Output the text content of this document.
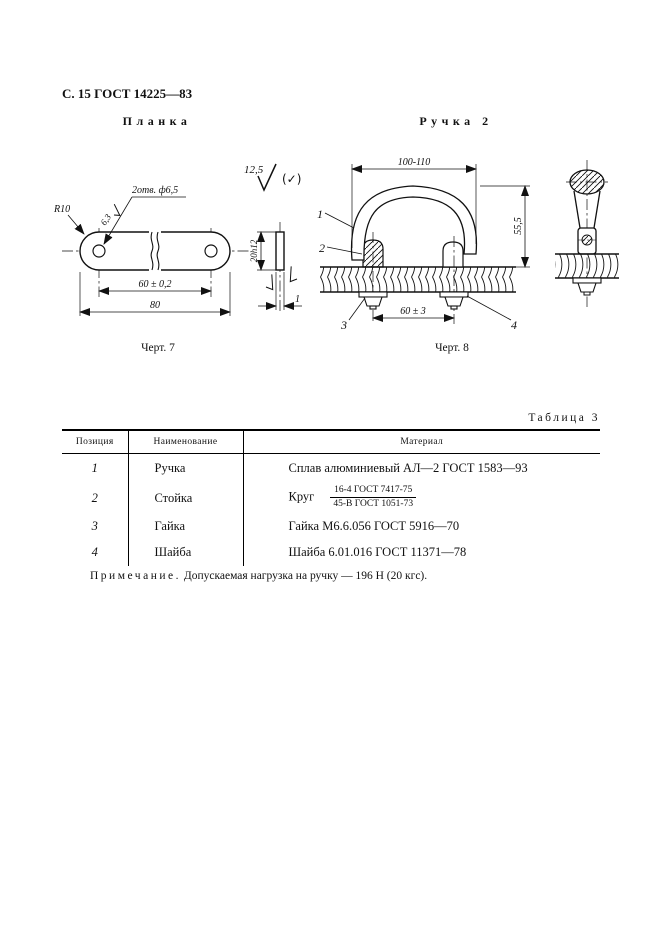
С. 15 ГОСТ 14225—83
Планка	Ручка 2
R10
2отв. ф6,5
6,3
12,5
(✓)
60 ± 0,2
80
20h12
1
100-110
55,5
60 ± 3
1
2
3	4
Черт. 7	Черт. 8
Таблица 3
Позиция	Наименование	Материал
1	Ручка	Сплав алюминиевый АЛ—2 ГОСТ 1583—93
2	Стойка	Круг $\frac{\text{16-4 ГОСТ 7417-75}}{\text{45-В ГОСТ 1051-73}}$

3	Гайка	Гайка М6.6.056 ГОСТ 5916—70
4	Шайба	Шайба 6.01.016 ГОСТ 11371—78
Примечание. Допускаемая нагрузка на ручку — 196 Н (20 кгс).
